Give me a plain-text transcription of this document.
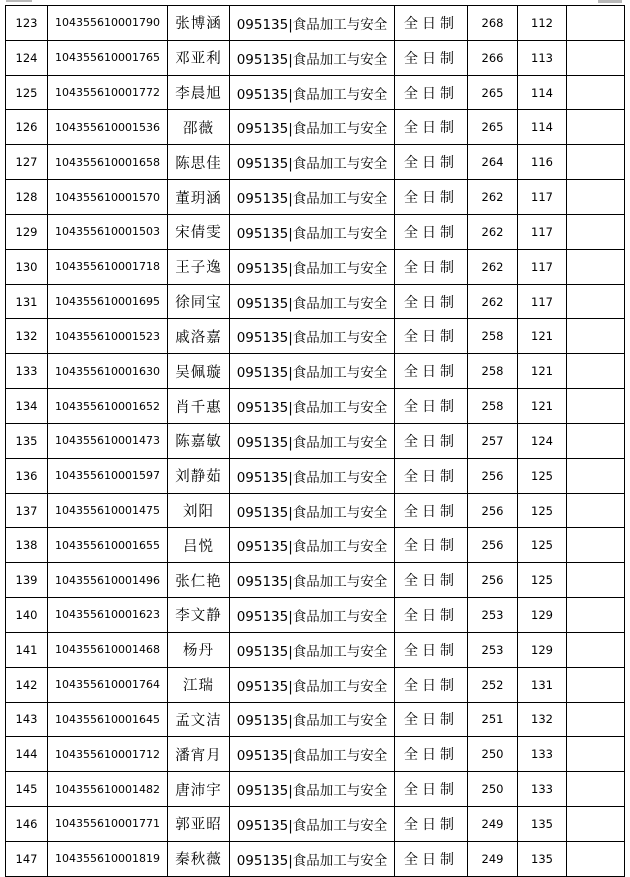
123	104355610001790	张博涵	095135|食品加工与安全	全日制	268	112	
124	104355610001765	邓亚利	095135|食品加工与安全	全日制	266	113	
125	104355610001772	李晨旭	095135|食品加工与安全	全日制	265	114	
126	104355610001536	邵薇	095135|食品加工与安全	全日制	265	114	
127	104355610001658	陈思佳	095135|食品加工与安全	全日制	264	116	
128	104355610001570	董玥涵	095135|食品加工与安全	全日制	262	117	
129	104355610001503	宋倩雯	095135|食品加工与安全	全日制	262	117	
130	104355610001718	王子逸	095135|食品加工与安全	全日制	262	117	
131	104355610001695	徐同宝	095135|食品加工与安全	全日制	262	117	
132	104355610001523	戚洛嘉	095135|食品加工与安全	全日制	258	121	
133	104355610001630	吴佩璇	095135|食品加工与安全	全日制	258	121	
134	104355610001652	肖千惠	095135|食品加工与安全	全日制	258	121	
135	104355610001473	陈嘉敏	095135|食品加工与安全	全日制	257	124	
136	104355610001597	刘静茹	095135|食品加工与安全	全日制	256	125	
137	104355610001475	刘阳	095135|食品加工与安全	全日制	256	125	
138	104355610001655	吕悦	095135|食品加工与安全	全日制	256	125	
139	104355610001496	张仁艳	095135|食品加工与安全	全日制	256	125	
140	104355610001623	李文静	095135|食品加工与安全	全日制	253	129	
141	104355610001468	杨丹	095135|食品加工与安全	全日制	253	129	
142	104355610001764	江瑞	095135|食品加工与安全	全日制	252	131	
143	104355610001645	孟文洁	095135|食品加工与安全	全日制	251	132	
144	104355610001712	潘宵月	095135|食品加工与安全	全日制	250	133	
145	104355610001482	唐沛宇	095135|食品加工与安全	全日制	250	133	
146	104355610001771	郭亚昭	095135|食品加工与安全	全日制	249	135	
147	104355610001819	秦秋薇	095135|食品加工与安全	全日制	249	135	
